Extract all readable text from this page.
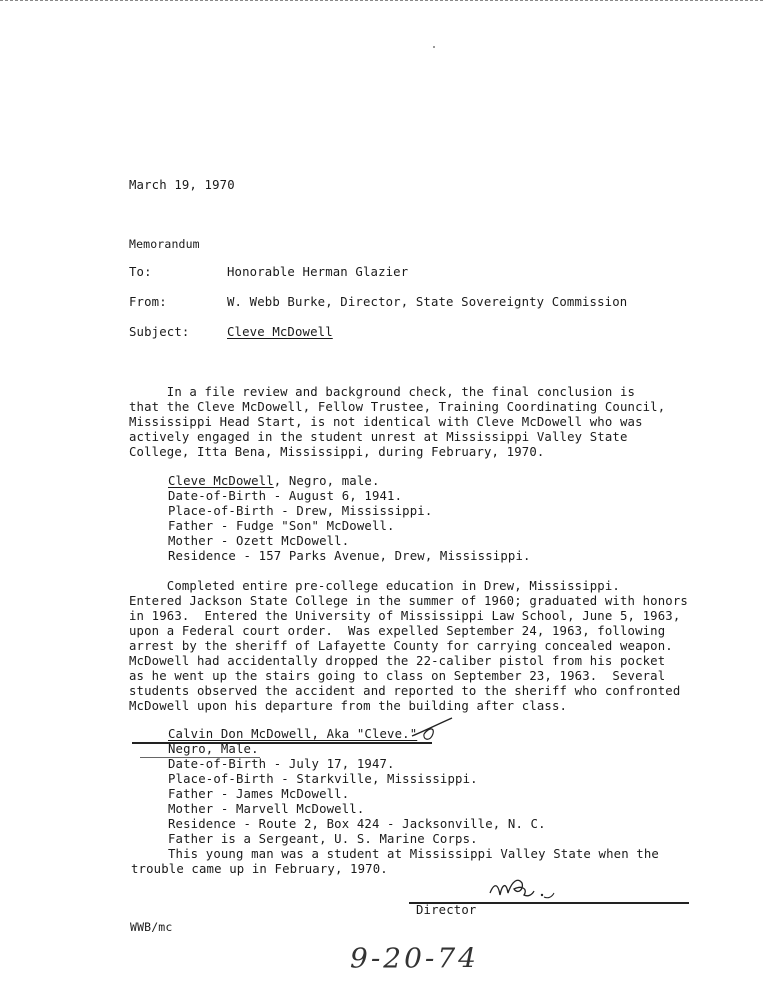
March 19, 1970
Memorandum
To:	Honorable Herman Glazier
From:	W. Webb Burke, Director, State Sovereignty Commission
Subject:	Cleve McDowell
In a file review and background check, the final conclusion is
that the Cleve McDowell, Fellow Trustee, Training Coordinating Council,
Mississippi Head Start, is not identical with Cleve McDowell who was
actively engaged in the student unrest at Mississippi Valley State
College, Itta Bena, Mississippi, during February, 1970.
Cleve McDowell, Negro, male.
Date-of-Birth - August 6, 1941.
Place-of-Birth - Drew, Mississippi.
Father - Fudge "Son" McDowell.
Mother - Ozett McDowell.
Residence - 157 Parks Avenue, Drew, Mississippi.
Completed entire pre-college education in Drew, Mississippi.
Entered Jackson State College in the summer of 1960; graduated with honors
in 1963.  Entered the University of Mississippi Law School, June 5, 1963,
upon a Federal court order.  Was expelled September 24, 1963, following
arrest by the sheriff of Lafayette County for carrying concealed weapon.
McDowell had accidentally dropped the 22-caliber pistol from his pocket
as he went up the stairs going to class on September 23, 1963.  Several
students observed the accident and reported to the sheriff who confronted
McDowell upon his departure from the building after class.
Calvin Don McDowell, Aka "Cleve."
Negro, Male.
Date-of-Birth - July 17, 1947.
Place-of-Birth - Starkville, Mississippi.
Father - James McDowell.
Mother - Marvell McDowell.
Residence - Route 2, Box 424 - Jacksonville, N. C.
Father is a Sergeant, U. S. Marine Corps.
This young man was a student at Mississippi Valley State when the
trouble came up in February, 1970.
Director
WWB/mc
9-20-74
